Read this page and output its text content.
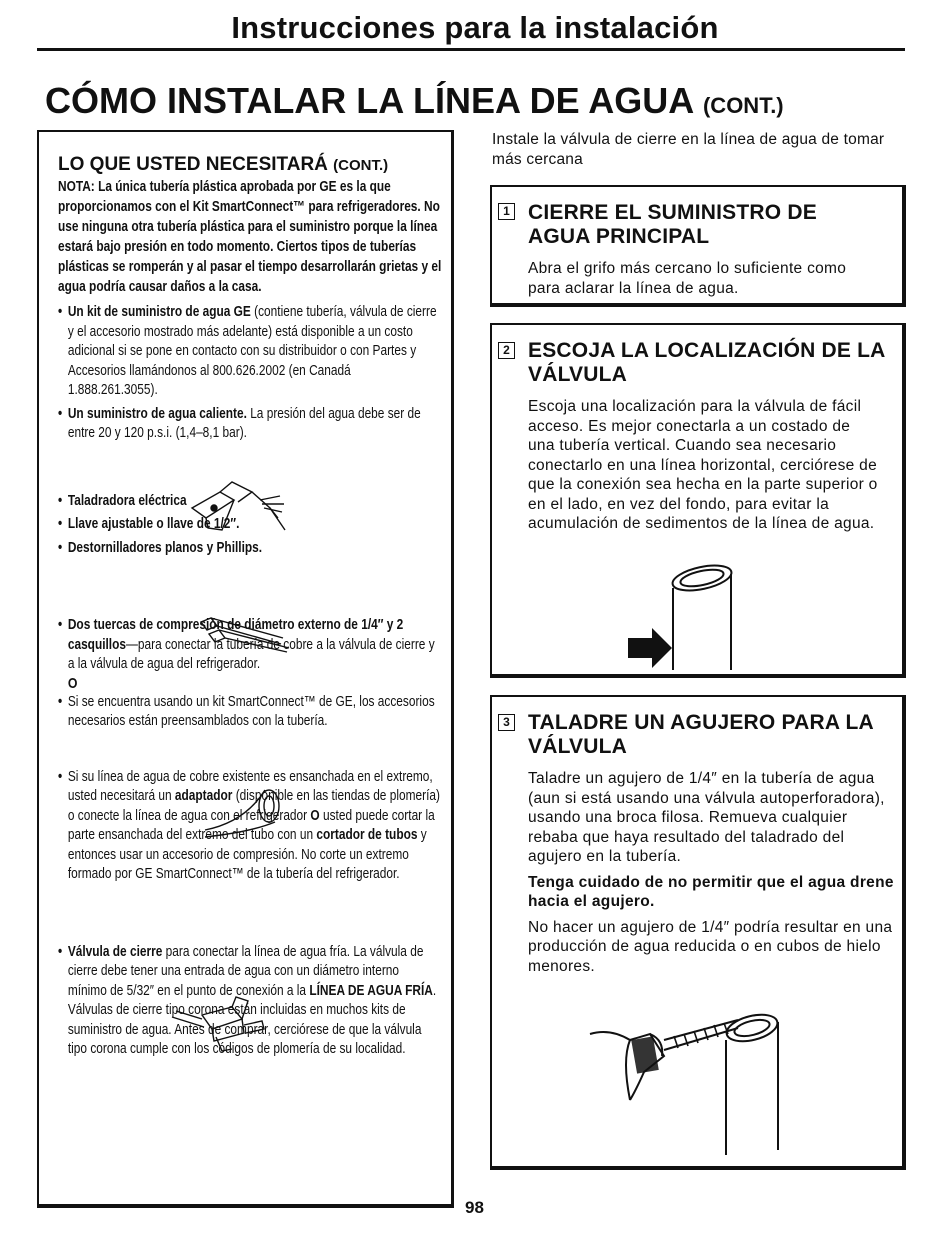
Instrucciones para la instalación
CÓMO INSTALAR LA LÍNEA DE AGUA (CONT.)
LO QUE USTED NECESITARÁ (CONT.)
NOTA: La única tubería plástica aprobada por GE es la que proporcionamos con el Kit SmartConnect™ para refrigeradores. No use ninguna otra tubería plástica para el suministro porque la línea estará bajo presión en todo momento. Ciertos tipos de tuberías plásticas se romperán y al pasar el tiempo desarrollarán grietas y el agua podría causar daños a la casa.
• Un kit de suministro de agua GE (contiene tubería, válvula de cierre y el accesorio mostrado más adelante) está disponible a un costo adicional si se pone en contacto con su distribuidor o con Partes y Accesorios llamándonos al 800.626.2002 (en Canadá 1.888.261.3055).
• Un suministro de agua caliente. La presión del agua debe ser de entre 20 y 120 p.s.i. (1,4–8,1 bar).
• Taladradora eléctrica
• Llave ajustable o llave de 1/2″.
• Destornilladores planos y Phillips.
• Dos tuercas de compresión de diámetro externo de 1/4″ y 2 casquillos—para conectar la tubería de cobre a la válvula de cierre y a la válvula de agua del refrigerador.
O
• Si se encuentra usando un kit SmartConnect™ de GE, los accesorios necesarios están preensamblados con la tubería.
• Si su línea de agua de cobre existente es ensanchada en el extremo, usted necesitará un adaptador (disponible en las tiendas de plomería) o conecte la línea de agua con el refrigerador O usted puede cortar la parte ensanchada del extremo del tubo con un cortador de tubos y entonces usar un accesorio de compresión. No corte un extremo formado por GE SmartConnect™ de la tubería del refrigerador.
• Válvula de cierre para conectar la línea de agua fría. La válvula de cierre debe tener una entrada de agua con un diámetro interno mínimo de 5/32″ en el punto de conexión a la LÍNEA DE AGUA FRÍA. Válvulas de cierre tipo corona están incluidas en muchos kits de suministro de agua. Antes de comprar, cerciórese de que la válvula tipo corona cumple con los códigos de plomería de su localidad.
Instale la válvula de cierre en la línea de agua de tomar más cercana
1 CIERRE EL SUMINISTRO DE AGUA PRINCIPAL
Abra el grifo más cercano lo suficiente como para aclarar la línea de agua.
2 ESCOJA LA LOCALIZACIÓN DE LA VÁLVULA
Escoja una localización para la válvula de fácil acceso. Es mejor conectarla a un costado de una tubería vertical. Cuando sea necesario conectarlo en una línea horizontal, cerciórese de que la conexión sea hecha en la parte superior o en el lado, en vez del fondo, para evitar la acumulación de sedimentos de la línea de agua.
3 TALADRE UN AGUJERO PARA LA VÁLVULA
Taladre un agujero de 1/4″ en la tubería de agua (aun si está usando una válvula autoperforadora), usando una broca filosa. Remueva cualquier rebaba que haya resultado del taladrado del agujero en la tubería.
Tenga cuidado de no permitir que el agua drene hacia el agujero.
No hacer un agujero de 1/4″ podría resultar en una producción de agua reducida o en cubos de hielo menores.
98
